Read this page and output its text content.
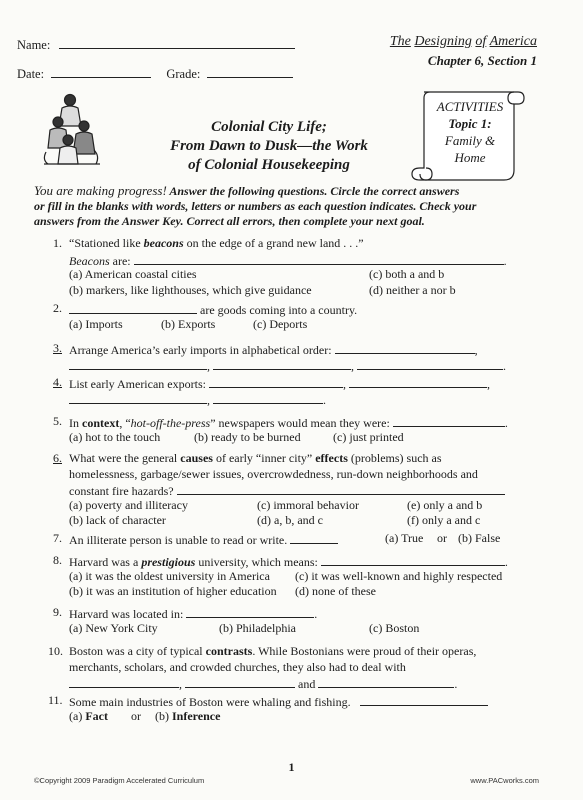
Name:
Date:	Grade:
The Designing of America
Chapter 6, Section 1
Colonial City Life;
From Dawn to Dusk—the Work
of Colonial Housekeeping
ACTIVITIES
Topic 1:
Family &
Home
You are making progress! Answer the following questions. Circle the correct answers
or fill in the blanks with words, letters or numbers as each question indicates. Check your
answers from the Answer Key. Correct all errors, then complete your next goal.
1. “Stationed like beacons on the edge of a grand new land . . .”
Beacons are:	.
(a) American coastal cities	(c) both a and b
(b) markers, like lighthouses, which give guidance	(d) neither a nor b
2.	are goods coming into a country.
(a) Imports	(b) Exports	(c) Deports
3. Arrange America’s early imports in alphabetical order:	,
,	,	.
4. List early American exports:	,	,
,	.
5. In context, “hot-off-the-press” newspapers would mean they were:	.
(a) hot to the touch	(b) ready to be burned	(c) just printed
6. What were the general causes of early “inner city” effects (problems) such as
homelessness, garbage/sewer issues, overcrowdedness, run-down neighborhoods and
constant fire hazards?
(a) poverty and illiteracy	(c) immoral behavior	(e) only a and b
(b) lack of character	(d) a, b, and c	(f) only a and c
7. An illiterate person is unable to read or write.	(a) True or (b) False
8. Harvard was a prestigious university, which means:	.
(a) it was the oldest university in America (c) it was well-known and highly respected
(b) it was an institution of higher education (d) none of these
9. Harvard was located in:	.
(a) New York City	(b) Philadelphia	(c) Boston
10. Boston was a city of typical contrasts. While Bostonians were proud of their operas,
merchants, scholars, and crowded churches, they also had to deal with
,	and	.
11. Some main industries of Boston were whaling and fishing.
(a) Fact or (b) Inference
1
©Copyright 2009 Paradigm Accelerated Curriculum	www.PACworks.com
